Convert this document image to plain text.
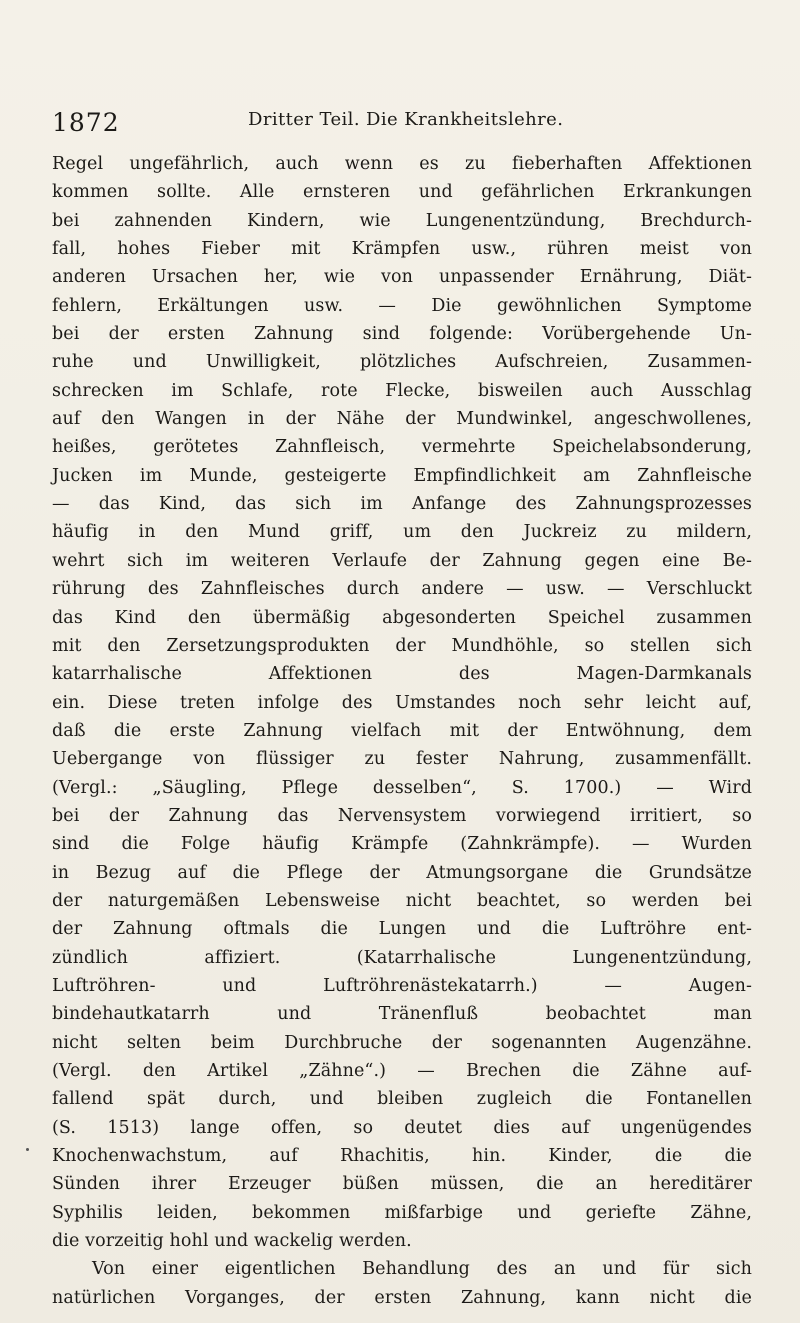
1872	Dritter Teil. Die Krankheitslehre.
Regel ungefährlich, auch wenn es zu fieberhaften Affektionen
kommen sollte. Alle ernsteren und gefährlichen Erkrankungen
bei zahnenden Kindern, wie Lungenentzündung, Brechdurch-
fall, hohes Fieber mit Krämpfen usw., rühren meist von
anderen Ursachen her, wie von unpassender Ernährung, Diät-
fehlern, Erkältungen usw. — Die gewöhnlichen Symptome
bei der ersten Zahnung sind folgende: Vorübergehende Un-
ruhe und Unwilligkeit, plötzliches Aufschreien, Zusammen-
schrecken im Schlafe, rote Flecke, bisweilen auch Ausschlag
auf den Wangen in der Nähe der Mundwinkel, angeschwollenes,
heißes, gerötetes Zahnfleisch, vermehrte Speichelabsonderung,
Jucken im Munde, gesteigerte Empfindlichkeit am Zahnfleische
— das Kind, das sich im Anfange des Zahnungsprozesses
häufig in den Mund griff, um den Juckreiz zu mildern,
wehrt sich im weiteren Verlaufe der Zahnung gegen eine Be-
rührung des Zahnfleisches durch andere — usw. — Verschluckt
das Kind den übermäßig abgesonderten Speichel zusammen
mit den Zersetzungsprodukten der Mundhöhle, so stellen sich
katarrhalische Affektionen des Magen-Darmkanals
ein. Diese treten infolge des Umstandes noch sehr leicht auf,
daß die erste Zahnung vielfach mit der Entwöhnung, dem
Uebergange von flüssiger zu fester Nahrung, zusammenfällt.
(Vergl.: „Säugling, Pflege desselben“, S. 1700.) — Wird
bei der Zahnung das Nervensystem vorwiegend irritiert, so
sind die Folge häufig Krämpfe (Zahnkrämpfe). — Wurden
in Bezug auf die Pflege der Atmungsorgane die Grundsätze
der naturgemäßen Lebensweise nicht beachtet, so werden bei
der Zahnung oftmals die Lungen und die Luftröhre ent-
zündlich affiziert. (Katarrhalische Lungenentzündung,
Luftröhren- und Luftröhrenästekatarrh.) — Augen-
bindehautkatarrh und Tränenfluß beobachtet man
nicht selten beim Durchbruche der sogenannten Augenzähne.
(Vergl. den Artikel „Zähne“.) — Brechen die Zähne auf-
fallend spät durch, und bleiben zugleich die Fontanellen
(S. 1513) lange offen, so deutet dies auf ungenügendes
Knochenwachstum, auf Rhachitis, hin. Kinder, die die
Sünden ihrer Erzeuger büßen müssen, die an hereditärer
Syphilis leiden, bekommen mißfarbige und geriefte Zähne,
die vorzeitig hohl und wackelig werden.
Von einer eigentlichen Behandlung des an und für sich
natürlichen Vorganges, der ersten Zahnung, kann nicht die
